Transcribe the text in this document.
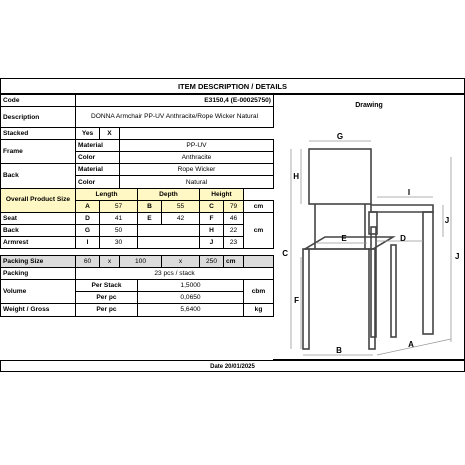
ITEM DESCRIPTION / DETAILS
Code	E3150,4 (E-00025750)							
Description	DONNA Armchair PP-UV Anthracite/Rope Wicker Natural							
Stacked	Yes	X						
Frame	Material		PP-UV					
	Color		Anthracite					
Back	Material		Rope Wicker					
	Color		Natural					
Overall Product Size	Length			Depth		Height		
	A	57		B	55	C	79	cm
Seat	D	41		E	42	F	46	cm
Back	G	50				H	22	
Armrest	I	30				J	23	

Packing Size	60	x	100		x	250	cm	
Packing	23 pcs / stack							
Volume	Per Stack			1,5000				cbm
	Per pc			0,0650				
Weight / Gross	Per pc			5,6400				kg
Drawing
G
H
C
F
I
J
J
E	D
B
A
Date 20/01/2025
